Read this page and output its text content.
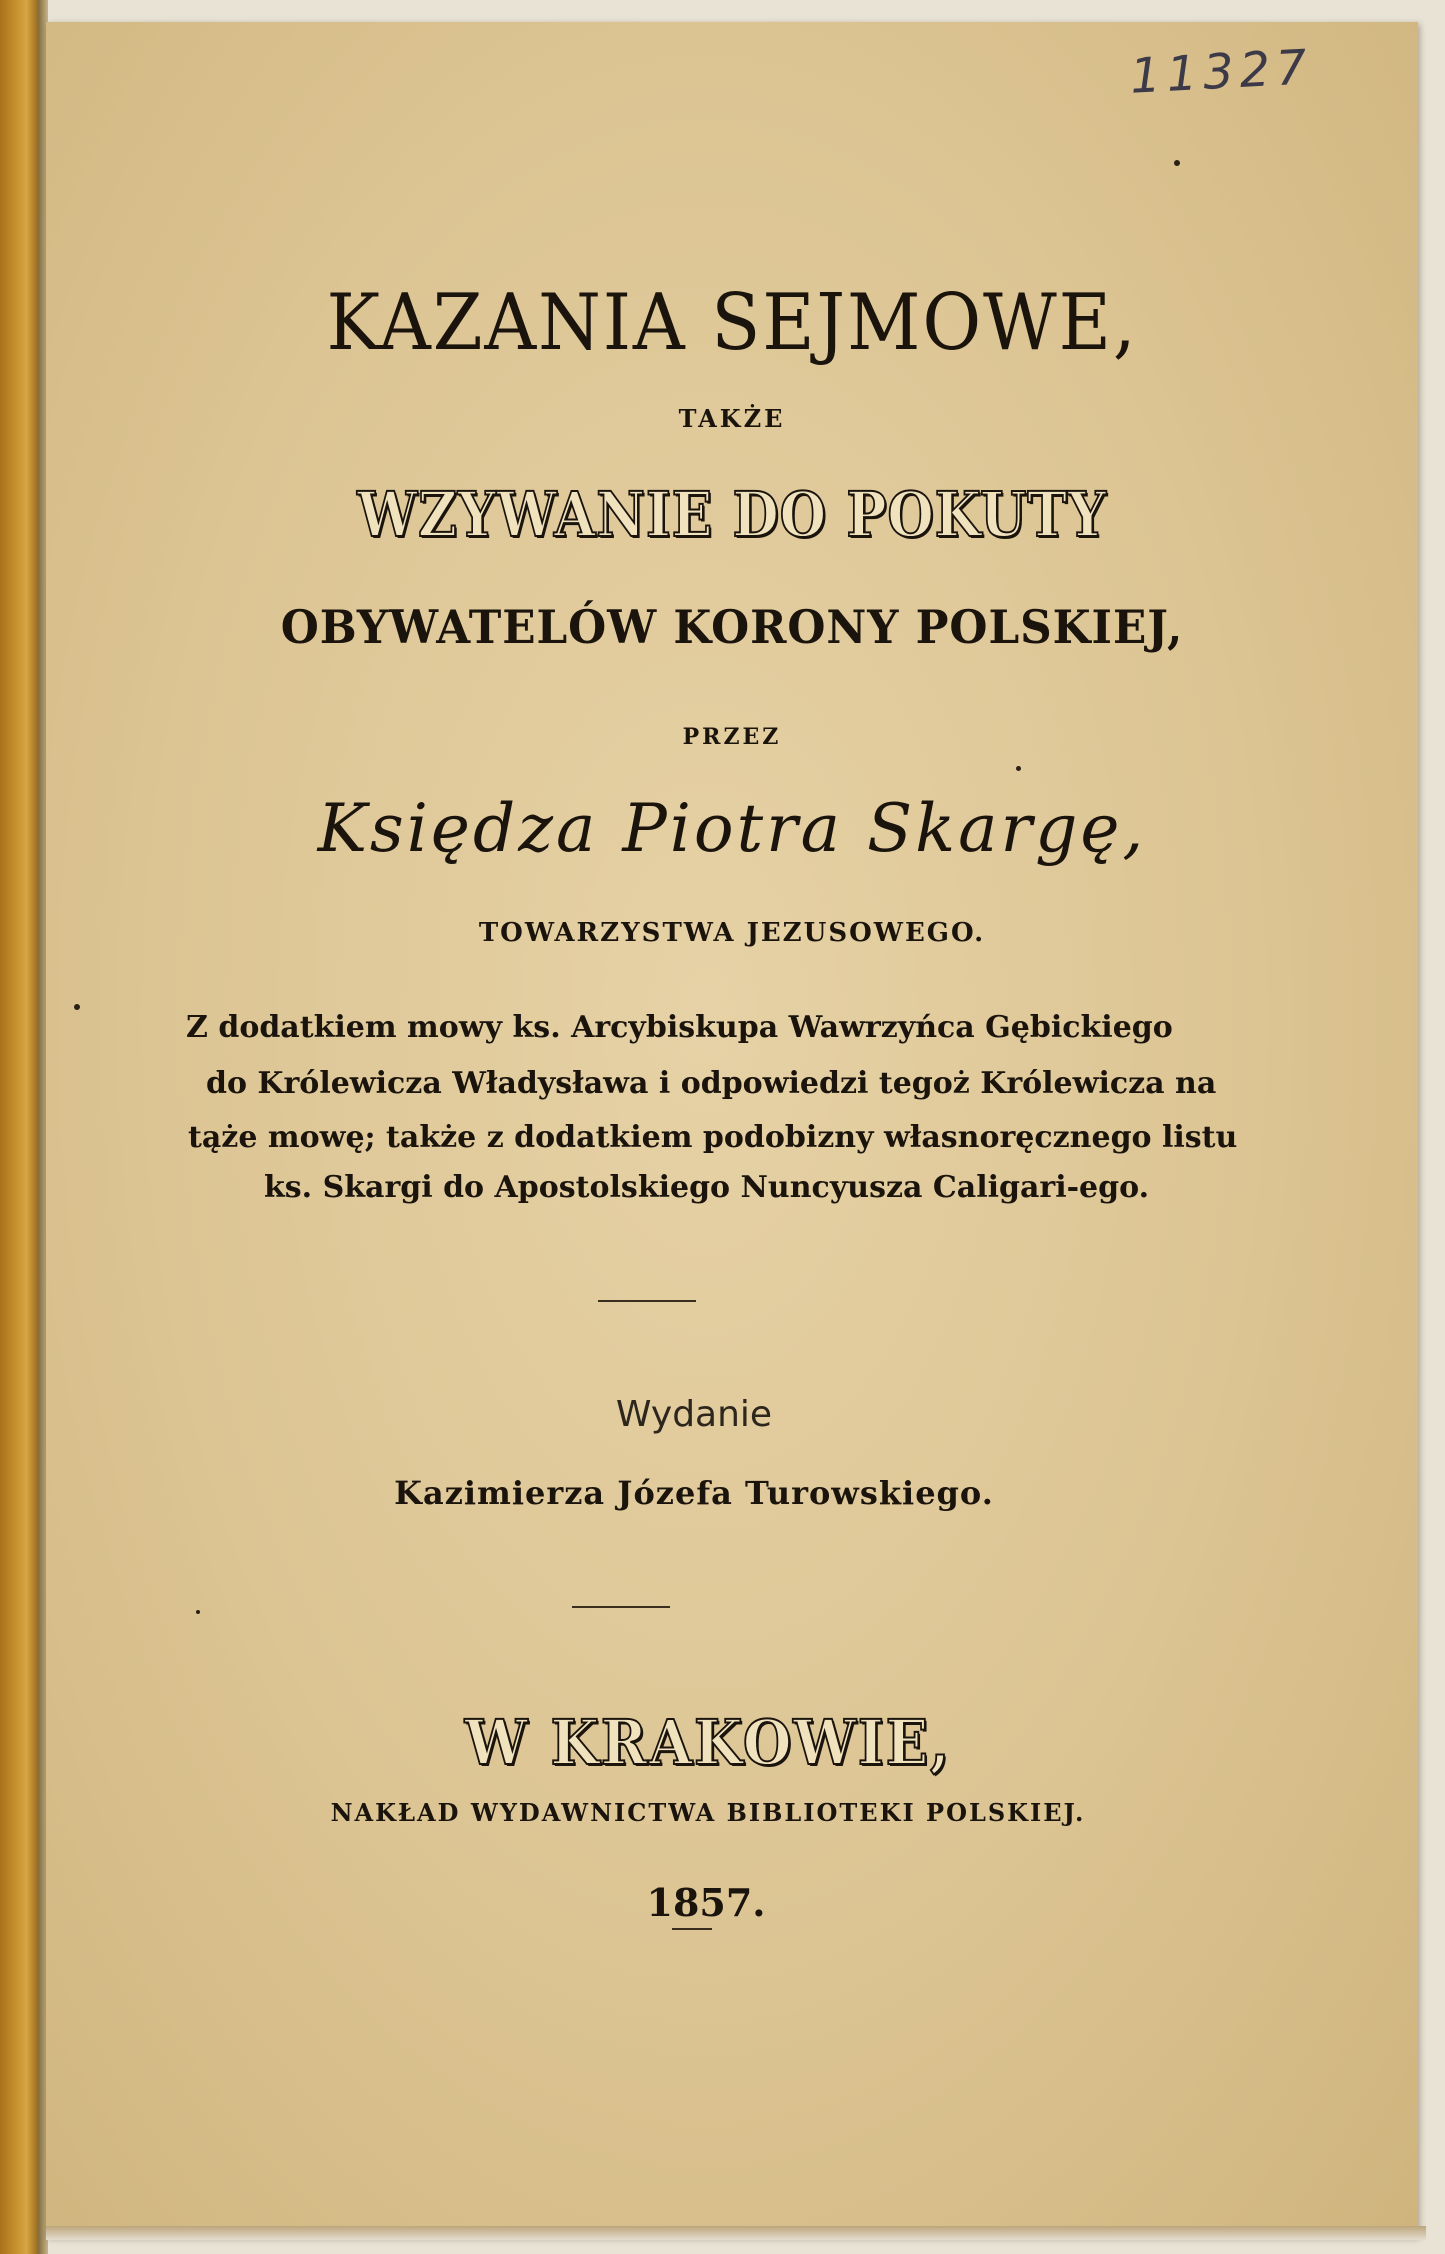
11327
KAZANIA SEJMOWE,
TAKŻE
WZYWANIE DO POKUTY
OBYWATELÓW KORONY POLSKIEJ,
PRZEZ
Księdza Piotra Skargę,
TOWARZYSTWA JEZUSOWEGO.
Z dodatkiem mowy ks. Arcybiskupa Wawrzyńca Gębickiego
do Królewicza Władysława i odpowiedzi tegoż Królewicza na
tąże mowę; także z dodatkiem podobizny własnoręcznego listu
ks. Skargi do Apostolskiego Nuncyusza Caligari-ego.
Wydanie
Kazimierza Józefa Turowskiego.
W KRAKOWIE,
NAKŁAD WYDAWNICTWA BIBLIOTEKI POLSKIEJ.
1857.
